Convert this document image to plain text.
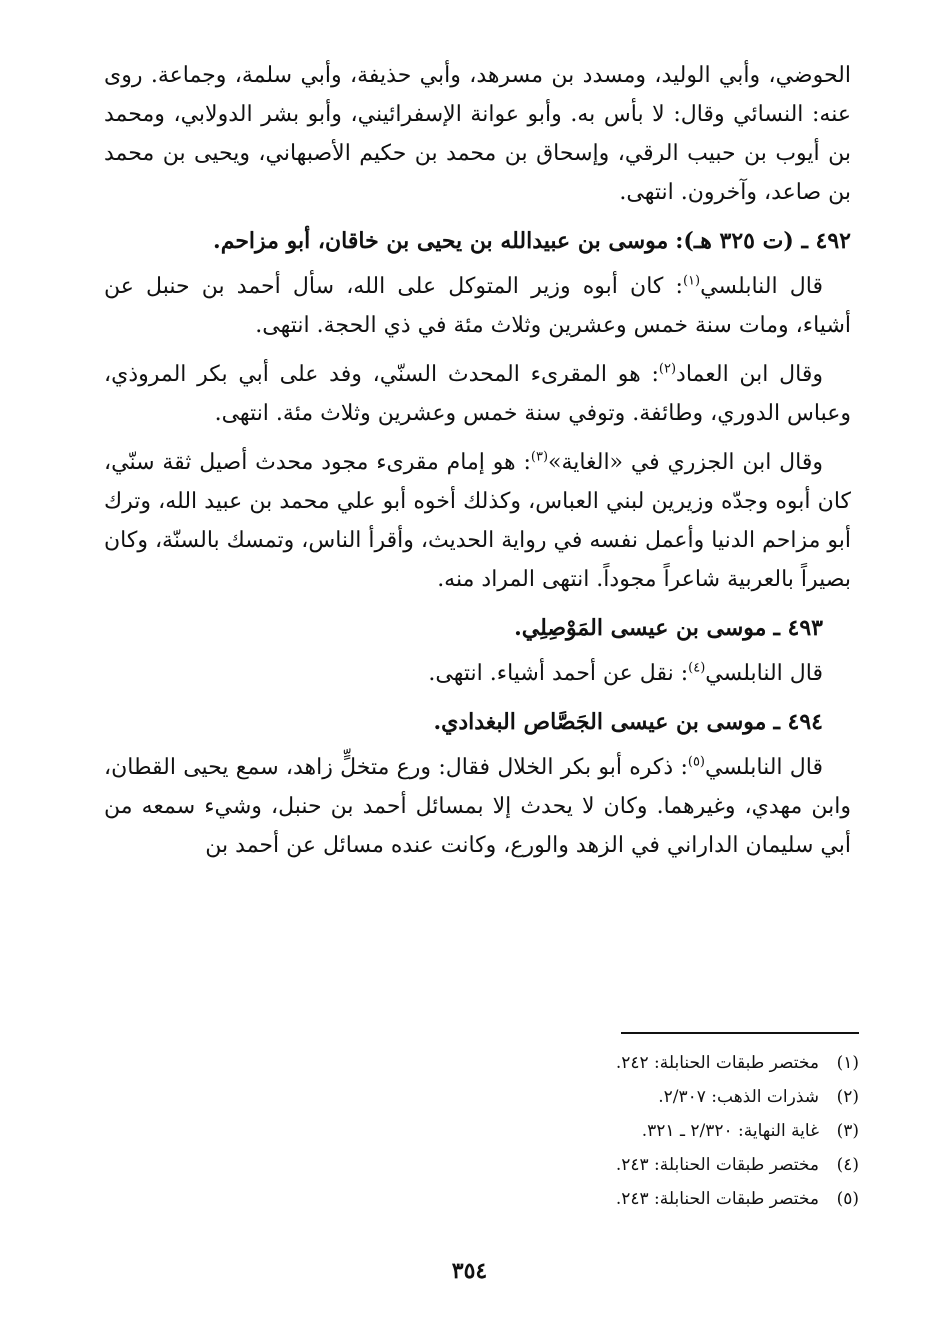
الحوضي، وأبي الوليد، ومسدد بن مسرهد، وأبي حذيفة، وأبي سلمة، وجماعة. روى عنه: النسائي وقال: لا بأس به. وأبو عوانة الإسفرائيني، وأبو بشر الدولابي، ومحمد بن أيوب بن حبيب الرقي، وإسحاق بن محمد بن حكيم الأصبهاني، ويحيى بن محمد بن صاعد، وآخرون. انتهى.

٤٩٢ ـ (ت ٣٢٥ هـ): موسى بن عبيدالله بن يحيى بن خاقان، أبو مزاحم.

قال النابلسي$^{(١)}$: كان أبوه وزير المتوكل على الله، سأل أحمد بن حنبل عن أشياء، ومات سنة خمس وعشرين وثلاث مئة في ذي الحجة. انتهى.

وقال ابن العماد$^{(٢)}$: هو المقرىء المحدث السنّي، وفد على أبي بكر المروذي، وعباس الدوري، وطائفة. وتوفي سنة خمس وعشرين وثلاث مئة. انتهى.

وقال ابن الجزري في «الغاية»$^{(٣)}$: هو إمام مقرىء مجود محدث أصيل ثقة سنّي، كان أبوه وجدّه وزيرين لبني العباس، وكذلك أخوه أبو علي محمد بن عبيد الله، وترك أبو مزاحم الدنيا وأعمل نفسه في رواية الحديث، وأقرأ الناس، وتمسك بالسنّة، وكان بصيراً بالعربية شاعراً مجوداً. انتهى المراد منه.

٤٩٣ ـ موسى بن عيسى المَوْصِلِي.

قال النابلسي$^{(٤)}$: نقل عن أحمد أشياء. انتهى.

٤٩٤ ـ موسى بن عيسى الجَصَّاص البغدادي.

قال النابلسي$^{(٥)}$: ذكره أبو بكر الخلال فقال: ورع متخلٍّ زاهد، سمع يحيى القطان، وابن مهدي، وغيرهما. وكان لا يحدث إلا بمسائل أحمد بن حنبل، وشيء سمعه من أبي سليمان الداراني في الزهد والورع، وكانت عنده مسائل عن أحمد بن

(١)
مختصر طبقات الحنابلة: ٢٤٢.
(٢)
شذرات الذهب: ٢/٣٠٧.
(٣)
غاية النهاية: ٢/٣٢٠ ـ ٣٢١.
(٤)
مختصر طبقات الحنابلة: ٢٤٣.
(٥)
مختصر طبقات الحنابلة: ٢٤٣.
٣٥٤
